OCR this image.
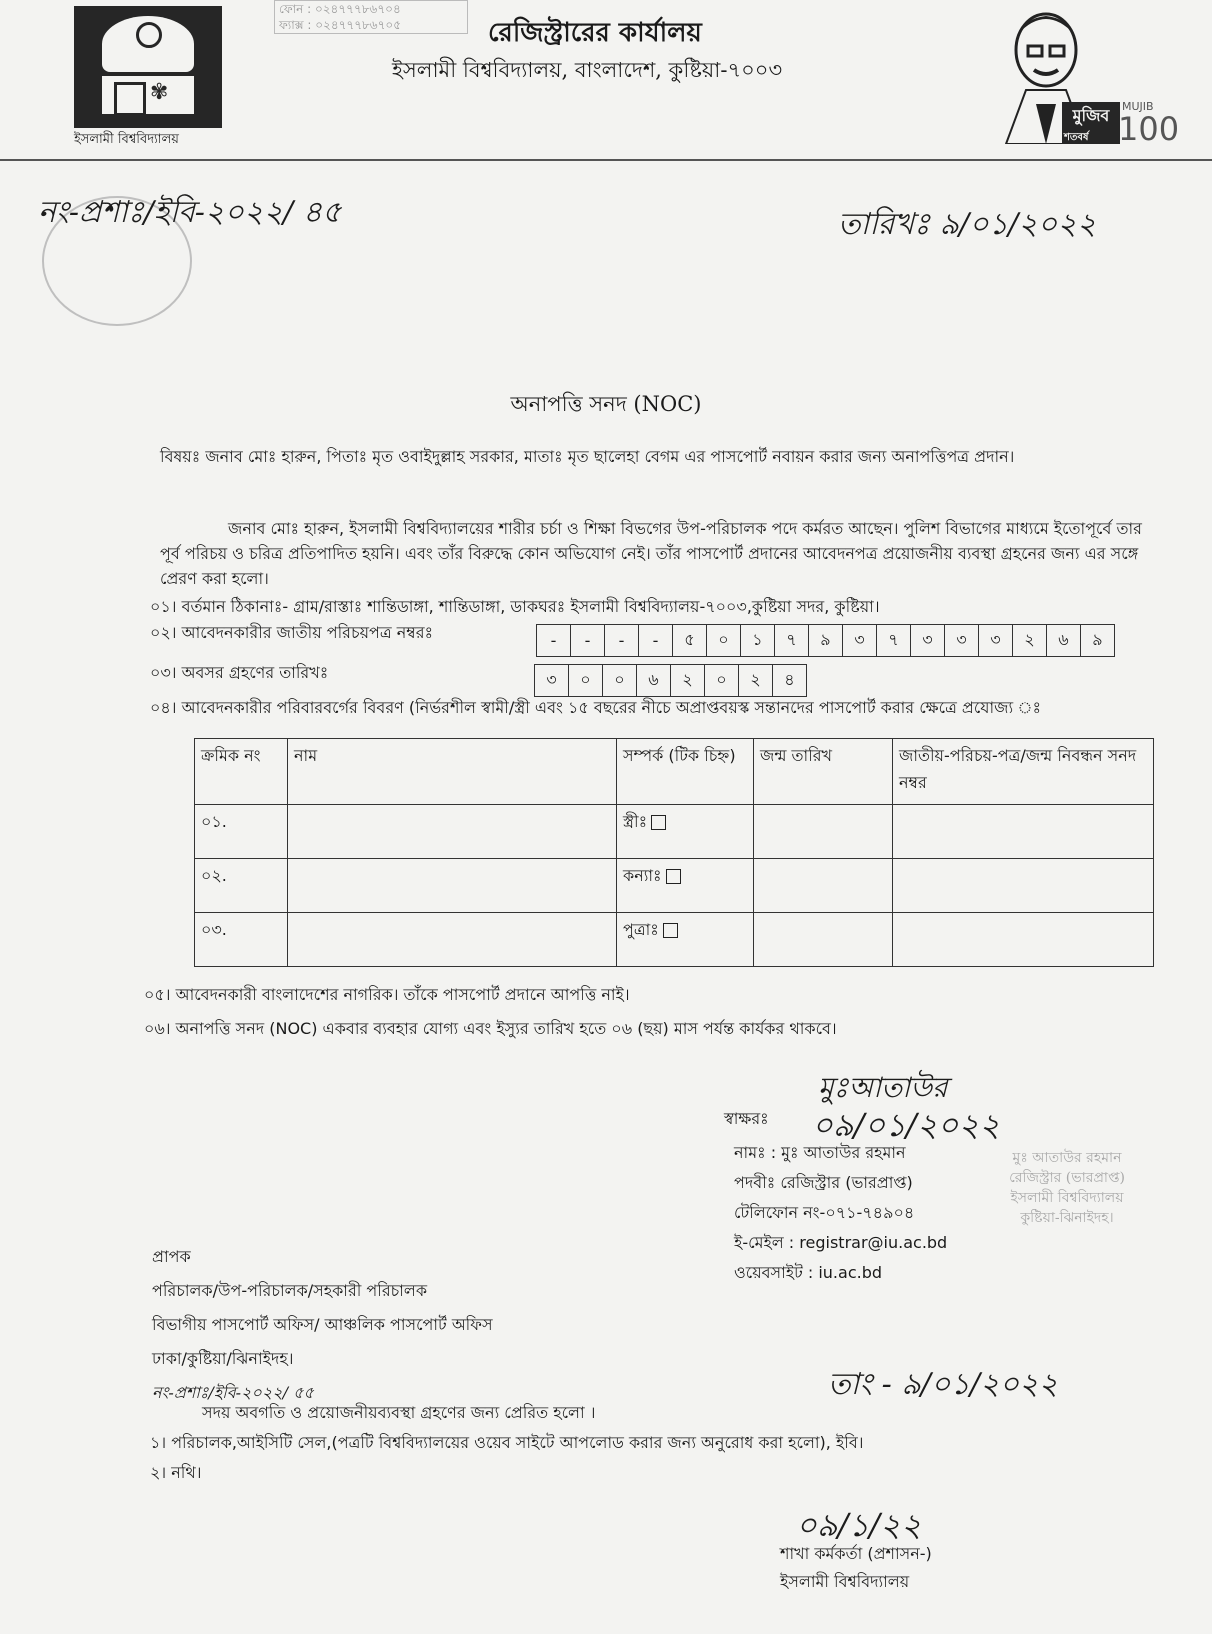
✾
ইসলামী বিশ্ববিদ্যালয়
ফোন : ০২৪৭৭৭৮৬৭০৪
ফ্যাক্স : ০২৪৭৭৭৮৬৭০৫	রেজিস্ট্রারের কার্যালয়
ইসলামী বিশ্ববিদ্যালয়, বাংলাদেশ, কুষ্টিয়া-৭০০৩
মুজিব
শতবর্ষ
MUJIB
100
নং-প্রশাঃ/ইবি-২০২২/ ৪৫	তারিখঃ ৯/০১/২০২২
অনাপত্তি সনদ (NOC)
বিষয়ঃ জনাব মোঃ হারুন, পিতাঃ মৃত ওবাইদুল্লাহ সরকার, মাতাঃ মৃত ছালেহা বেগম এর পাসপোর্ট নবায়ন করার জন্য অনাপত্তিপত্র প্রদান।
জনাব মোঃ হারুন, ইসলামী বিশ্ববিদ্যালয়ের শারীর চর্চা ও শিক্ষা বিভগের উপ-পরিচালক পদে কর্মরত আছেন। পুলিশ বিভাগের মাধ্যমে ইতোপূর্বে তার পূর্ব পরিচয় ও চরিত্র প্রতিপাদিত হয়নি। এবং তাঁর বিরুদ্ধে কোন অভিযোগ নেই। তাঁর পাসপোর্ট প্রদানের আবেদনপত্র প্রয়োজনীয় ব্যবস্থা গ্রহনের জন্য এর সঙ্গে প্রেরণ করা হলো।
০১। বর্তমান ঠিকানাঃ- গ্রাম/রাস্তাঃ শান্তিডাঙ্গা, শান্তিডাঙ্গা, ডাকঘরঃ ইসলামী বিশ্ববিদ্যালয়-৭০০৩,কুষ্টিয়া সদর, কুষ্টিয়া।
০২। আবেদনকারীর জাতীয় পরিচয়পত্র নম্বরঃ	-	-	-	-	৫	০	১	৭	৯	৩	৭	৩	৩	৩	২	৬	৯
০৩। অবসর গ্রহণের তারিখঃ	৩	০	০	৬	২	০	২	৪
০৪। আবেদনকারীর পরিবারবর্গের বিবরণ (নির্ভরশীল স্বামী/স্ত্রী এবং ১৫ বছরের নীচে অপ্রাপ্তবয়স্ক সন্তানদের পাসপোর্ট করার ক্ষেত্রে প্রযোজ্য ঃ
ক্রমিক নং	নাম	সম্পর্ক (টিক চিহ্ন)	জন্ম তারিখ	জাতীয়-পরিচয়-পত্র/জন্ম নিবন্ধন সনদ নম্বর
০১.		স্ত্রীঃ		
০২.		কন্যাঃ		
০৩.		পুত্রাঃ		
০৫। আবেদনকারী বাংলাদেশের নাগরিক। তাঁকে পাসপোর্ট প্রদানে আপত্তি নাই।
০৬। অনাপত্তি সনদ (NOC) একবার ব্যবহার যোগ্য এবং ইস্যুর তারিখ হতে ০৬ (ছয়) মাস পর্যন্ত কার্যকর থাকবে।
মুঃআতাউর
স্বাক্ষরঃ ০৯/০১/২০২২
নামঃ : মুঃ আতাউর রহমান
পদবীঃ রেজিস্ট্রার (ভারপ্রাপ্ত)
টেলিফোন নং-০৭১-৭৪৯০৪
ই-মেইল : registrar@iu.ac.bd
ওয়েবসাইট : iu.ac.bd
মুঃ আতাউর রহমান
রেজিস্ট্রার (ভারপ্রাপ্ত)
ইসলামী বিশ্ববিদ্যালয়
কুষ্টিয়া-ঝিনাইদহ।
প্রাপক
পরিচালক/উপ-পরিচালক/সহকারী পরিচালক
বিভাগীয় পাসপোর্ট অফিস/ আঞ্চলিক পাসপোর্ট অফিস
ঢাকা/কুষ্টিয়া/ঝিনাইদহ।
নং-প্রশাঃ/ইবি-২০২২/ ৫৫	তাং - ৯/০১/২০২২
সদয় অবগতি ও প্রয়োজনীয়ব্যবস্থা গ্রহণের জন্য প্রেরিত হলো ।
১। পরিচালক,আইসিটি সেল,(পত্রটি বিশ্ববিদ্যালয়ের ওয়েব সাইটে আপলোড করার জন্য অনুরোধ করা হলো), ইবি।
২। নথি।
০৯/১/২২
শাখা কর্মকর্তা (প্রশাসন-)
ইসলামী বিশ্ববিদ্যালয়
